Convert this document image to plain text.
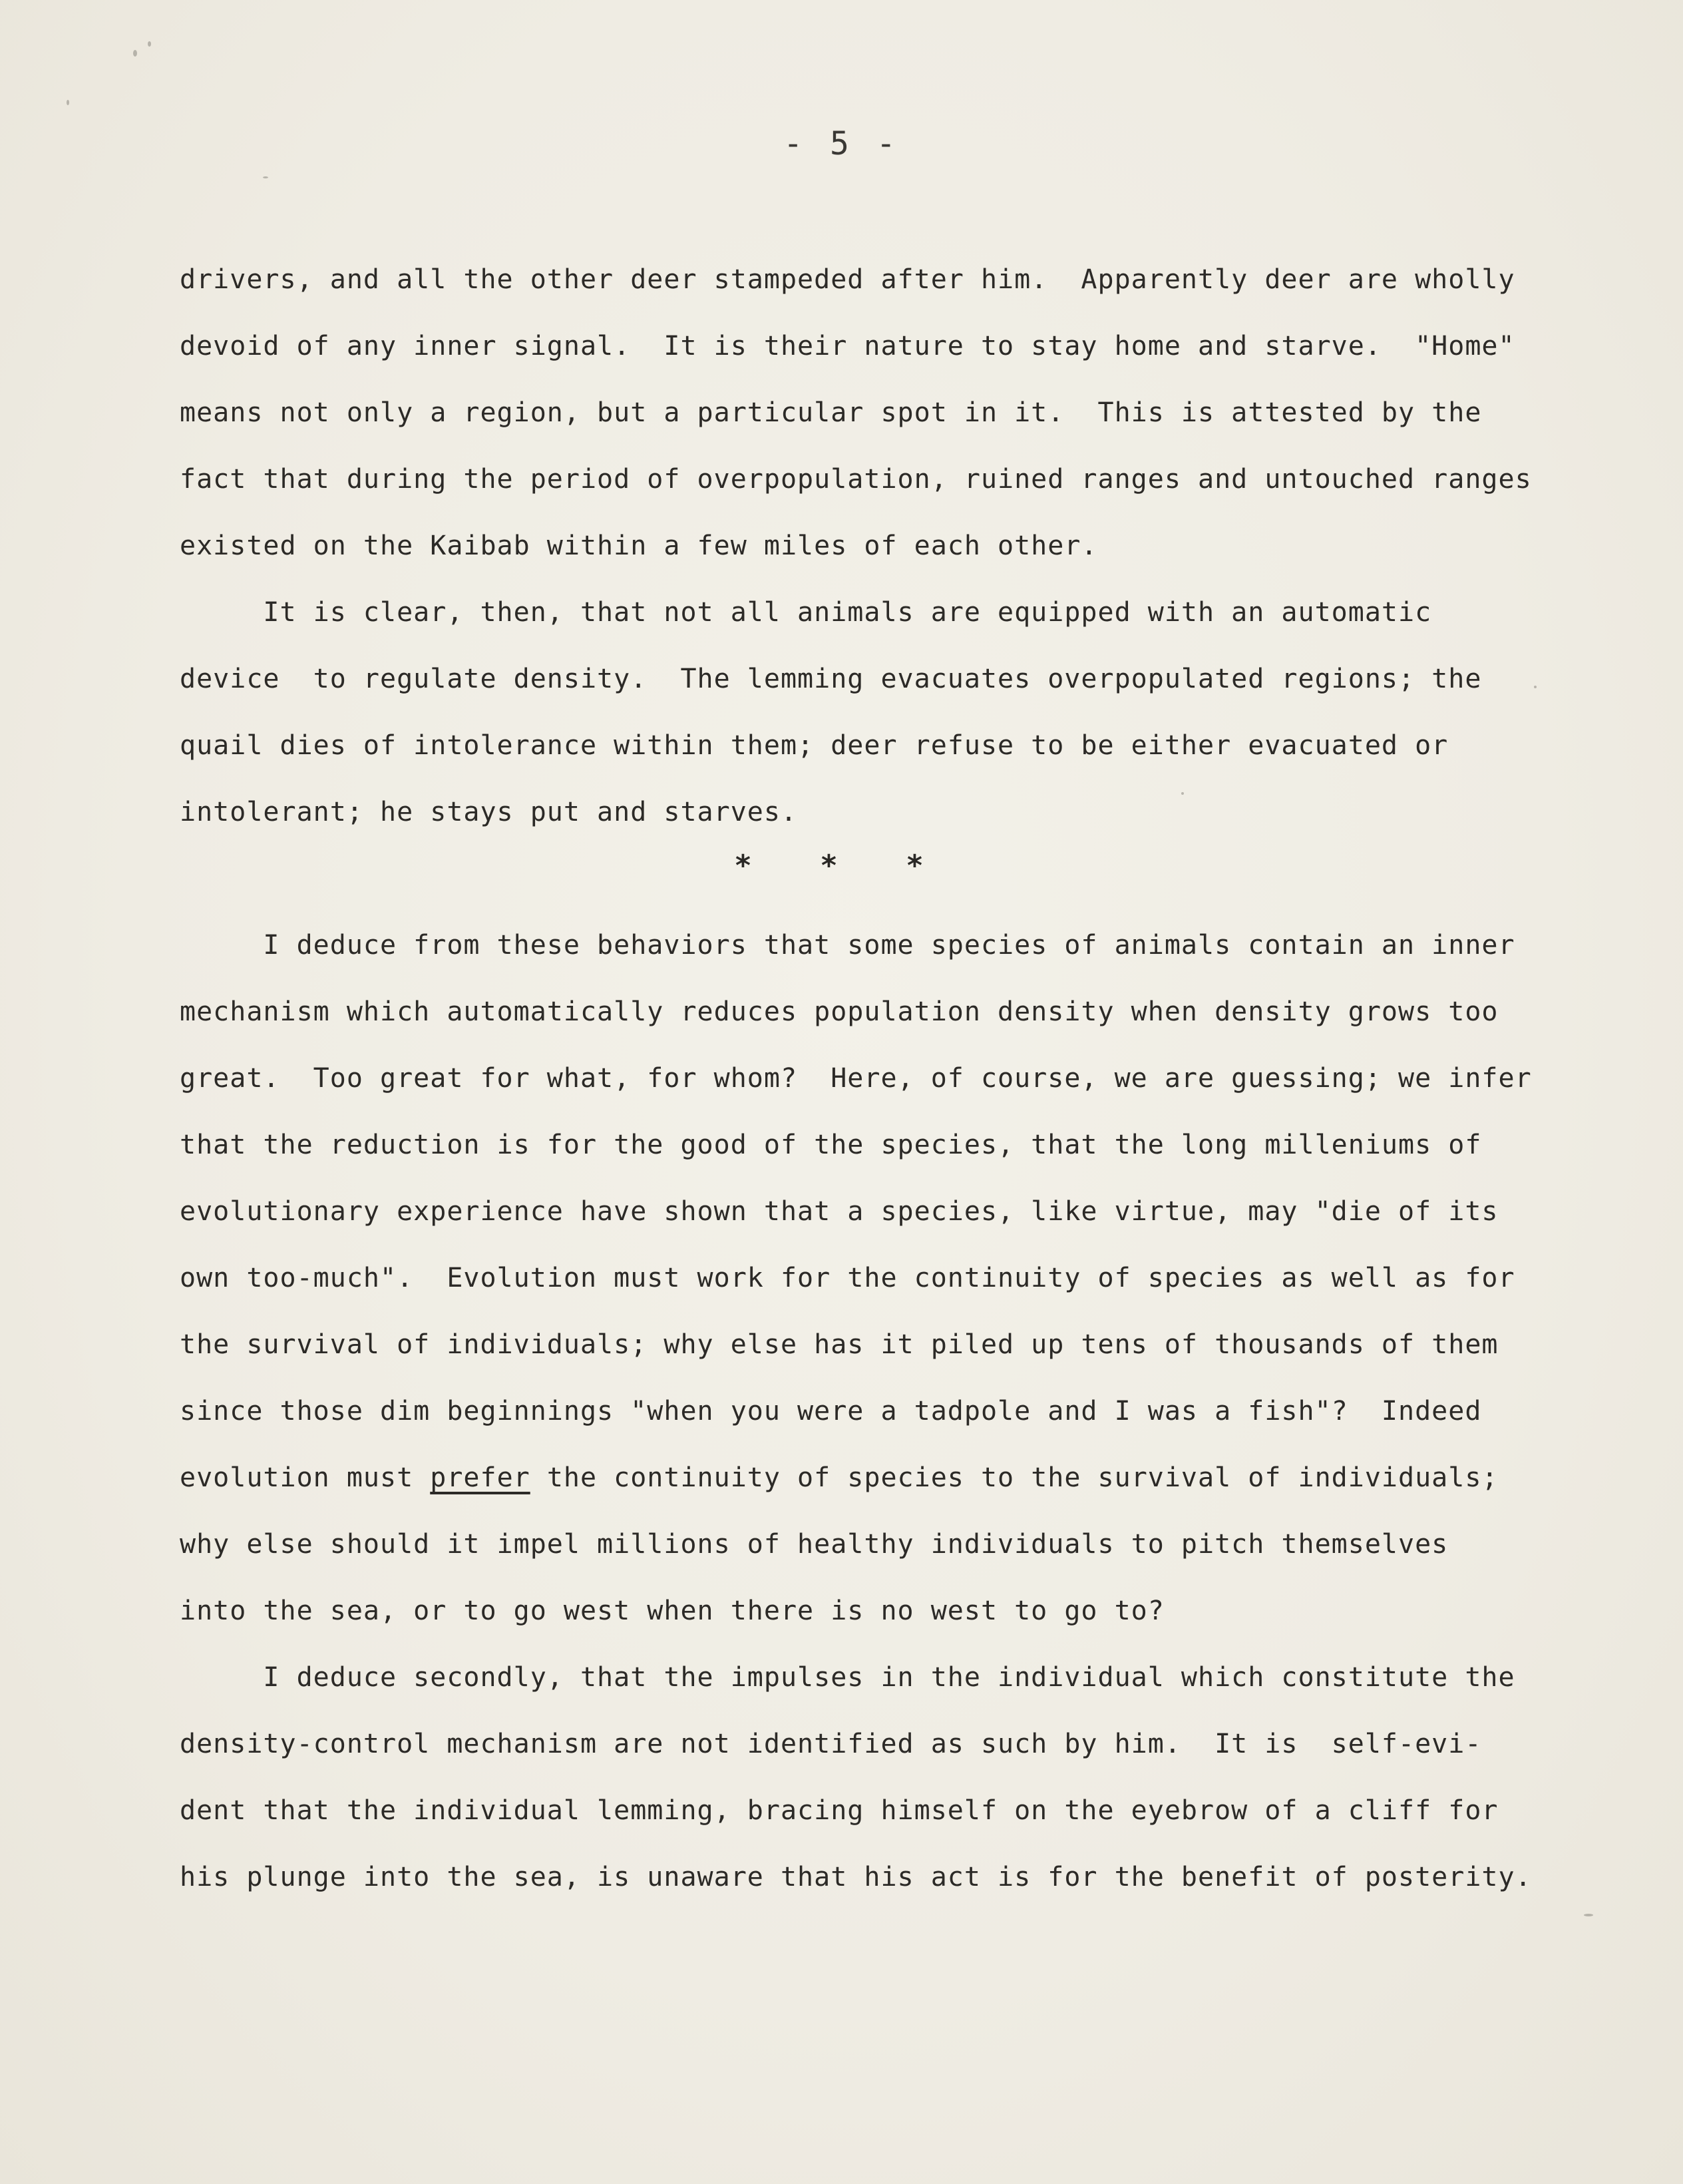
- 5 -
drivers, and all the other deer stampeded after him.  Apparently deer are wholly
devoid of any inner signal.  It is their nature to stay home and starve.  "Home"
means not only a region, but a particular spot in it.  This is attested by the
fact that during the period of overpopulation, ruined ranges and untouched ranges
existed on the Kaibab within a few miles of each other.
It is clear, then, that not all animals are equipped with an automatic
device  to regulate density.  The lemming evacuates overpopulated regions; the
quail dies of intolerance within them; deer refuse to be either evacuated or
intolerant; he stays put and starves.
* * *
I deduce from these behaviors that some species of animals contain an inner
mechanism which automatically reduces population density when density grows too
great.  Too great for what, for whom?  Here, of course, we are guessing; we infer
that the reduction is for the good of the species, that the long milleniums of
evolutionary experience have shown that a species, like virtue, may "die of its
own too-much".  Evolution must work for the continuity of species as well as for
the survival of individuals; why else has it piled up tens of thousands of them
since those dim beginnings "when you were a tadpole and I was a fish"?  Indeed
evolution must prefer the continuity of species to the survival of individuals;
why else should it impel millions of healthy individuals to pitch themselves
into the sea, or to go west when there is no west to go to?
I deduce secondly, that the impulses in the individual which constitute the
density-control mechanism are not identified as such by him.  It is  self-evi-
dent that the individual lemming, bracing himself on the eyebrow of a cliff for
his plunge into the sea, is unaware that his act is for the benefit of posterity.
